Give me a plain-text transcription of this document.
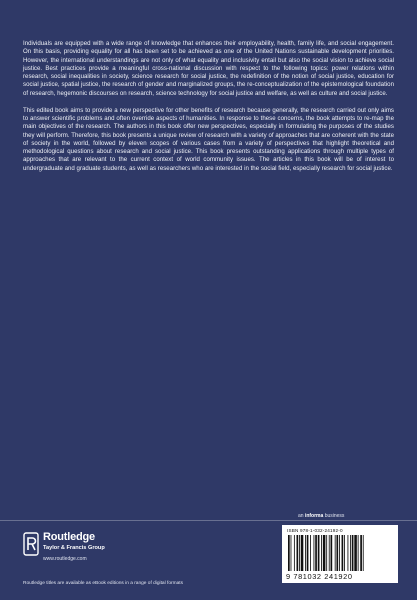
Individuals are equipped with a wide range of knowledge that enhances their employability, health, family life, and social engagement. On this basis, providing equality for all has been set to be achieved as one of the United Nations sustainable development priorities. However, the international understandings are not only of what equality and inclusivity entail but also the social vision to achieve social justice. Best practices provide a meaningful cross-national discussion with respect to the following topics: power relations within research, social inequalities in society, science research for social justice, the redefinition of the notion of social justice, education for social justice, spatial justice, the research of gender and marginalized groups, the re-conceptualization of the epistemological foundation of research, hegemonic discourses on research, science technology for social justice and welfare, as well as culture and social justice.

This edited book aims to provide a new perspective for other benefits of research because generally, the research carried out only aims to answer scientific problems and often override aspects of humanities. In response to these concerns, the book attempts to re-map the main objectives of the research. The authors in this book offer new perspectives, especially in formulating the purposes of the studies they will perform. Therefore, this book presents a unique review of research with a variety of approaches that are coherent with the state of society in the world, followed by eleven scopes of various cases from a variety of perspectives that highlight theoretical and methodological questions about research and social justice. This book presents outstanding applications through multiple types of approaches that are relevant to the current context of world community issues. The articles in this book will be of interest to undergraduate and graduate students, as well as researchers who are interested in the social field, especially research for social justice.

an informa business
Routledge
Taylor & Francis Group
www.routledge.com
Routledge titles are available as eBook editions in a range of digital formats
ISBN 978-1-032-24192-0
9 781032 241920
